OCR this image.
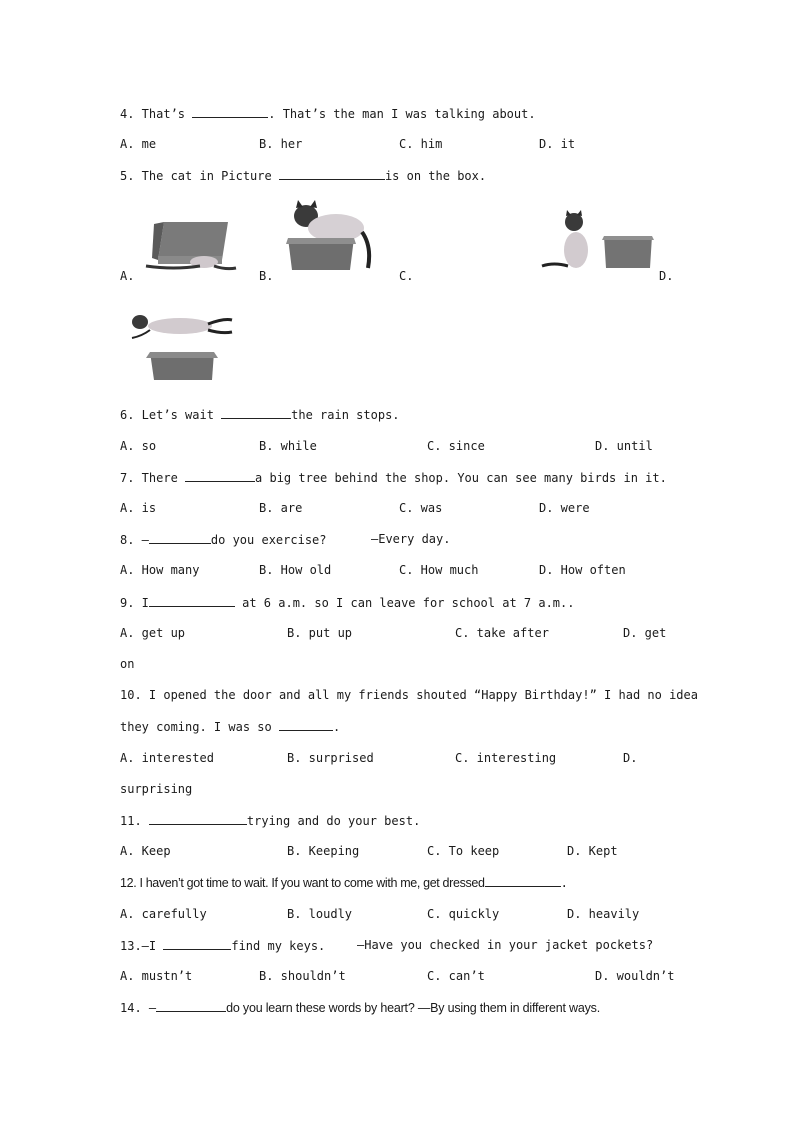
4. That’s	. That’s the man I was talking about.
A. me	B. her	C. him	D. it
5. The cat in Picture	is on the box.
A.	B.	C.	D.
6. Let’s wait	the rain stops.
A. so	B. while	C. since	D. until
7. There	a big tree behind the shop. You can see many birds in it.
A. is	B. are	C. was	D. were
8. —	do you exercise?	—Every day.
A. How many	B. How old	C. How much	D. How often
9. I	at 6 a.m. so I can leave for school at 7 a.m..
A. get up	B. put up	C. take after	D. get
on
10. I opened the door and all my friends shouted “Happy Birthday!” I had no idea
they coming. I was so	.
A. interested	B. surprised	C. interesting	D.
surprising
11.	trying and do your best.
A. Keep	B. Keeping	C. To keep	D. Kept
12. I haven’t got time to wait. If you want to come with me, get dressed	.
A. carefully	B. loudly	C. quickly	D. heavily
13.—I	find my keys.	—Have you checked in your jacket pockets?
A. mustn’t	B. shouldn’t	C. can’t	D. wouldn’t
14. —	do you learn these words by heart? —By using them in different ways.
